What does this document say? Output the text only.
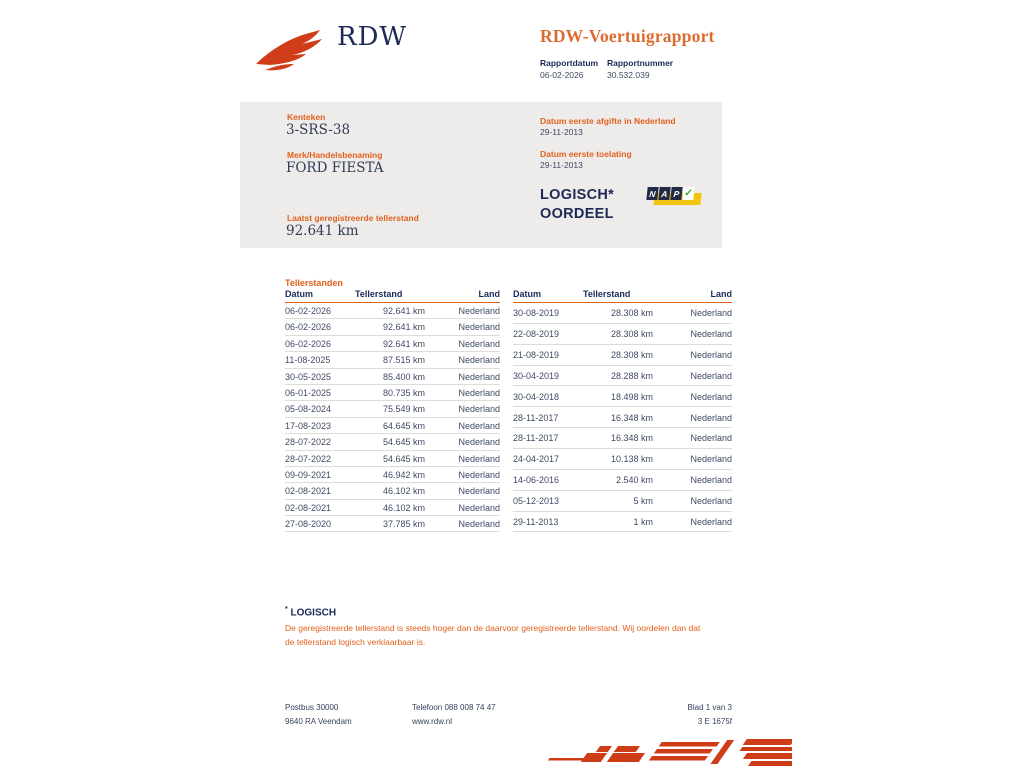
RDW	RDW-Voertuigrapport
Rapportdatum Rapportnummer
06-02-2026	30.532.039
Kenteken
3-SRS-38
Merk/Handelsbenaming
FORD FIESTA
Laatst geregistreerde tellerstand
92.641 km
Datum eerste afgifte in Nederland
29-11-2013
Datum eerste toelating
29-11-2013
LOGISCH*
OORDEEL
N A P ✓
Tellerstanden
Datum	Tellerstand	Land
06-02-2026	92.641 km	Nederland
06-02-2026	92.641 km	Nederland
06-02-2026	92.641 km	Nederland
11-08-2025	87.515 km	Nederland
30-05-2025	85.400 km	Nederland
06-01-2025	80.735 km	Nederland
05-08-2024	75.549 km	Nederland
17-08-2023	64.645 km	Nederland
28-07-2022	54.645 km	Nederland
28-07-2022	54.645 km	Nederland
09-09-2021	46.942 km	Nederland
02-08-2021	46.102 km	Nederland
02-08-2021	46.102 km	Nederland
27-08-2020	37.785 km	Nederland
Datum	Tellerstand	Land
30-08-2019	28.308 km	Nederland
22-08-2019	28.308 km	Nederland
21-08-2019	28.308 km	Nederland
30-04-2019	28.288 km	Nederland
30-04-2018	18.498 km	Nederland
28-11-2017	16.348 km	Nederland
28-11-2017	16.348 km	Nederland
24-04-2017	10.138 km	Nederland
14-06-2016	2.540 km	Nederland
05-12-2013	5 km	Nederland
29-11-2013	1 km	Nederland
* LOGISCH
De geregistreerde tellerstand is steeds hoger dan de daarvoor geregistreerde tellerstand. Wij oordelen dan dat de tellerstand logisch verklaarbaar is.
Postbus 30000
9640 RA Veendam
Telefoon 088 008 74 47
www.rdw.nl
Blad 1 van 3
3 E 1675f
